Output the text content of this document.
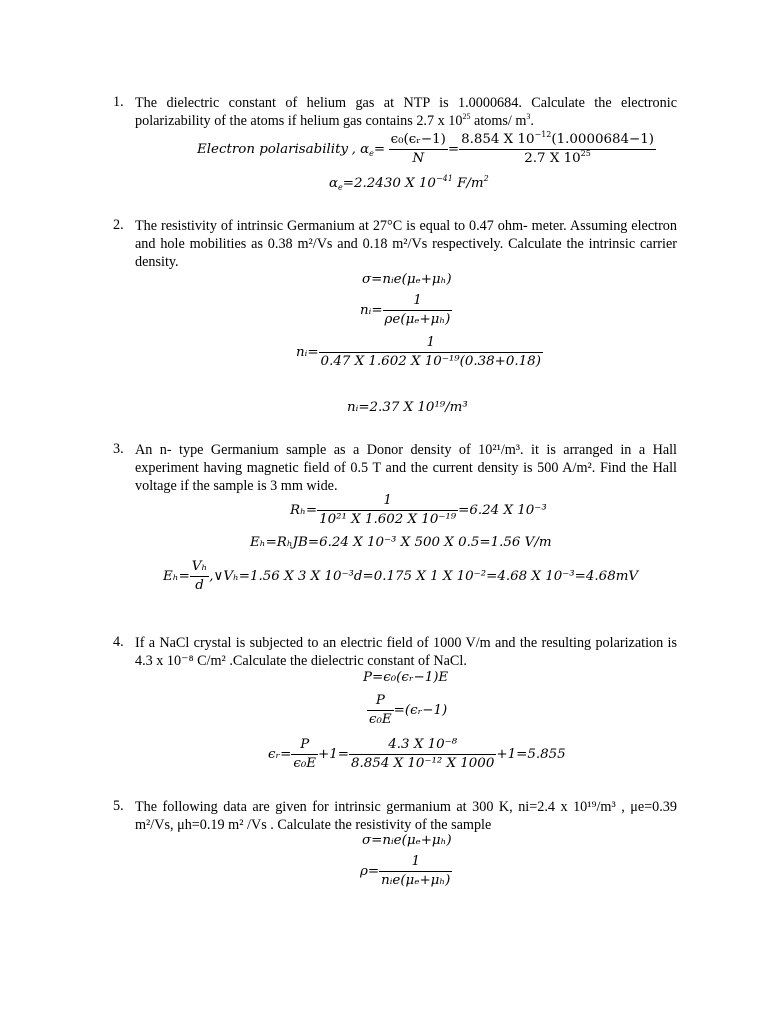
1. The dielectric constant of helium gas at NTP is 1.0000684. Calculate the electronic polarizability of the atoms if helium gas contains 2.7 x $10^{25}$ atoms/ $m^3$.
Electron polarisability , $\alpha_e= \frac{\text{ϵ₀(ϵᵣ−1)}}{N} = \frac{8.854 X 10^{-12}(1.0000684-1)}{2.7 X 10^{25}}$
$\alpha_e=2.2430$ X $10^{-41}$ $F/m^2$
2. The resistivity of intrinsic Germanium at 27°C is equal to 0.47 ohm- meter. Assuming electron and hole mobilities as 0.38 m²/Vs and 0.18 m²/Vs respectively. Calculate the intrinsic carrier density.
σ=nᵢe(μₑ+μₕ)
nᵢ= $\frac{1}{\text{ρe(μₑ+μₕ)}}$
nᵢ= $\frac{1}{\text{0.47 X 1.602 X 10⁻¹⁹(0.38+0.18)}}$
nᵢ=2.37 X 10¹⁹/m³
3. An n- type Germanium sample as a Donor density of 10²¹/m³. it is arranged in a Hall experiment having magnetic field of 0.5 T and the current density is 500 A/m². Find the Hall voltage if the sample is 3 mm wide.
$R_h= \frac{1}{\text{10²¹ X 1.602 X 10⁻¹⁹}} =6.24$ X 10⁻³
Eₕ=RₕJB=6.24 X 10⁻³ X 500 X 0.5=1.56 V/m
$E_h= \frac{\text{Vₕ}}{d}$ ,∨Vₕ=1.56 X 3 X 10⁻³d=0.175 X 1 X 10⁻²=4.68 X 10⁻³=4.68mV
4. If a NaCl crystal is subjected to an electric field of 1000 V/m and the resulting polarization is 4.3 x 10⁻⁸ C/m² .Calculate the dielectric constant of NaCl.
P=ϵ₀(ϵᵣ−1)E
$\frac{P}{\text{ϵ₀E}}$ =(ϵᵣ−1)
ϵᵣ= $\frac{P}{\text{ϵ₀E}} +1= \frac{\text{4.3 X 10⁻⁸}}{\text{8.854 X 10⁻¹² X 1000}} +1=5.855$
5. The following data are given for intrinsic germanium at 300 K, ni=2.4 x 10¹⁹/m³ , μe=0.39 m²/Vs, μh=0.19 m² /Vs . Calculate the resistivity of the sample
σ=nᵢe(μₑ+μₕ)
$\rho= \frac{1}{\text{nᵢe(μₑ+μₕ)}}$
